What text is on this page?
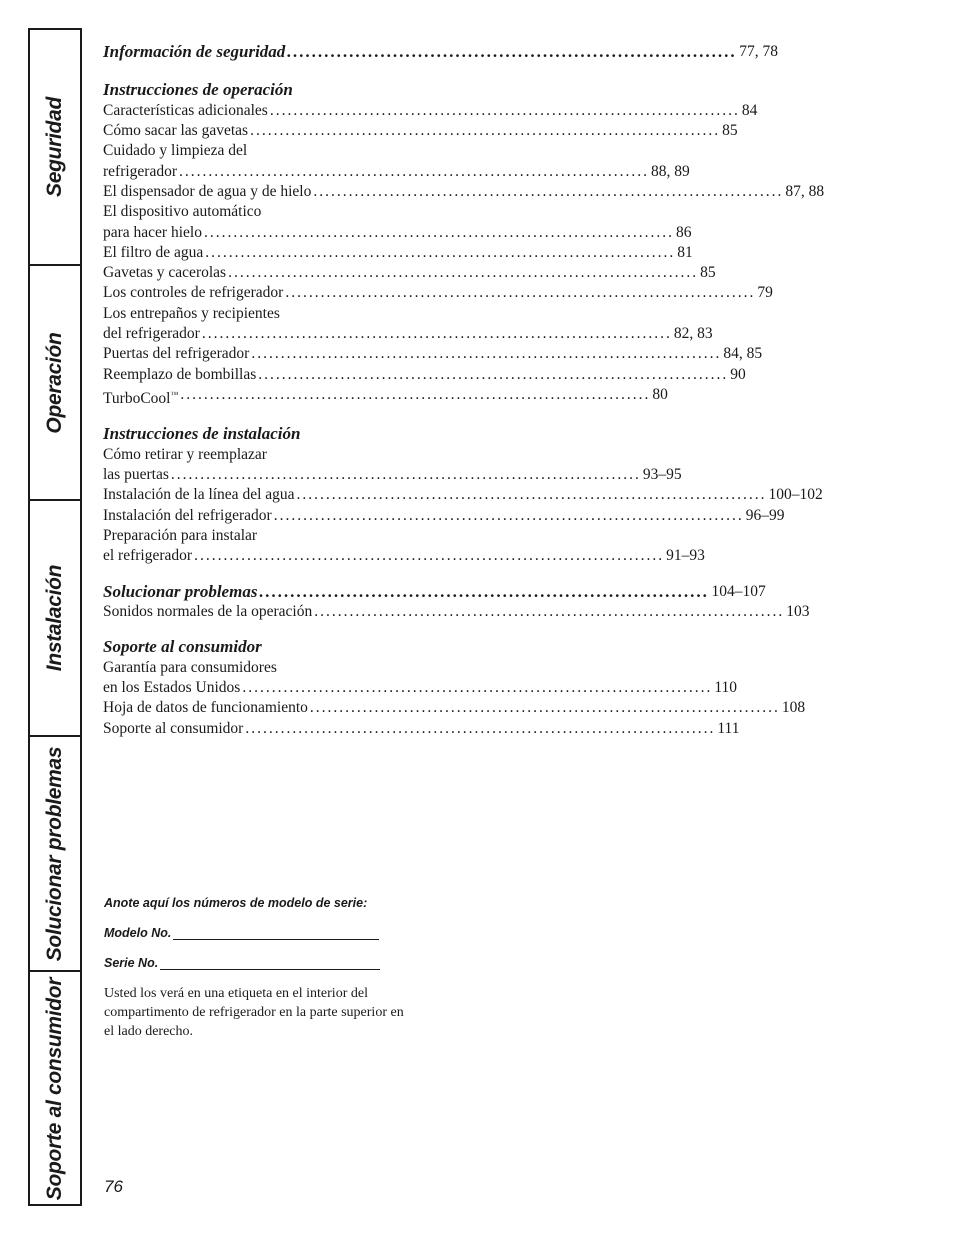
Seguridad
Operación
Instalación
Solucionar problemas
Soporte al consumidor
Información de seguridad ........................................................................ 77, 78
Instrucciones de operación
Características adicionales ................................................................................ 84
Cómo sacar las gavetas ................................................................................ 85
Cuidado y limpieza del
refrigerador ................................................................................ 88, 89
El dispensador de agua y de hielo ................................................................................ 87, 88
El dispositivo automático
para hacer hielo ................................................................................ 86
El filtro de agua ................................................................................ 81
Gavetas y cacerolas ................................................................................ 85
Los controles de refrigerador ................................................................................ 79
Los entrepaños y recipientes
del refrigerador ................................................................................ 82, 83
Puertas del refrigerador ................................................................................ 84, 85
Reemplazo de bombillas ................................................................................ 90
TurboCool™ ................................................................................ 80
Instrucciones de instalación
Cómo retirar y reemplazar
las puertas ................................................................................ 93–95
Instalación de la línea del agua ................................................................................ 100–102
Instalación del refrigerador ................................................................................ 96–99
Preparación para instalar
el refrigerador ................................................................................ 91–93
Solucionar problemas ........................................................................ 104–107
Sonidos normales de la operación ................................................................................ 103
Soporte al consumidor
Garantía para consumidores
en los Estados Unidos ................................................................................ 110
Hoja de datos de funcionamiento ................................................................................ 108
Soporte al consumidor ................................................................................ 111
Anote aquí los números de modelo de serie:
Modelo No.
Serie No.
Usted los verá en una etiqueta en el interior del compartimento de refrigerador en la parte superior en el lado derecho.
76
